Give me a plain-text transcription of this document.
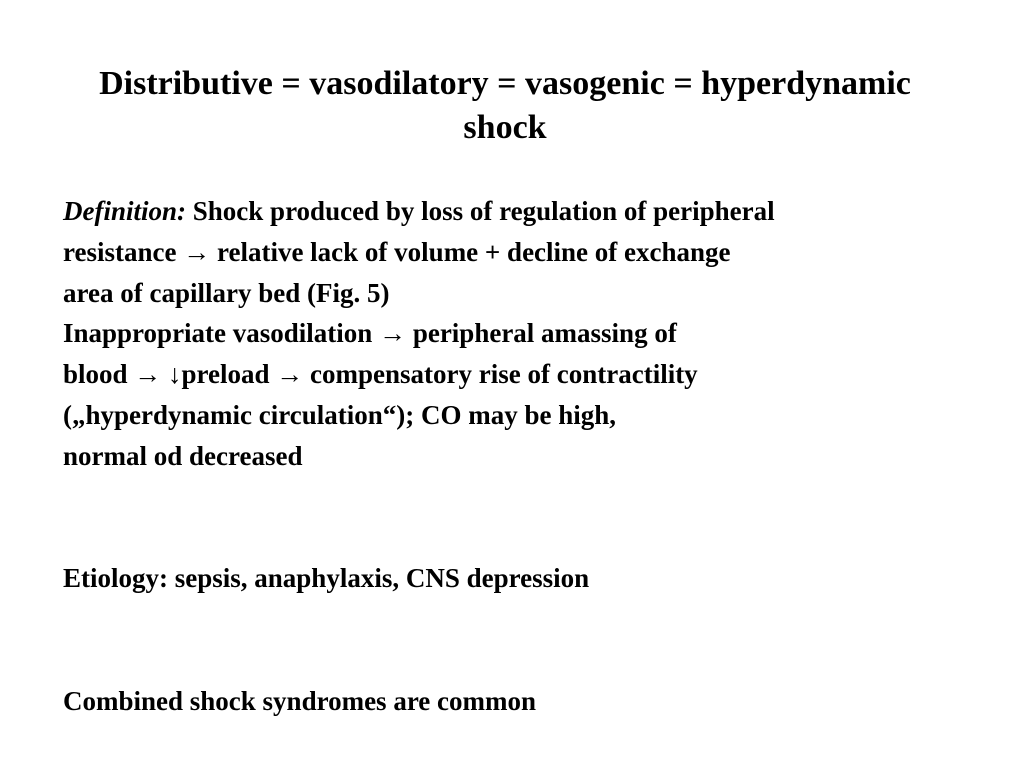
Distributive = vasodilatory = vasogenic = hyperdynamic
shock
Definition: Shock produced by loss of regulation of peripheral
resistance → relative lack of volume + decline of exchange
area of capillary bed (Fig. 5)
Inappropriate vasodilation → peripheral amassing of
blood → ↓preload → compensatory rise of contractility
(„hyperdynamic circulation“); CO may be high,
normal od decreased
Etiology: sepsis, anaphylaxis, CNS depression
Combined shock syndromes are common
